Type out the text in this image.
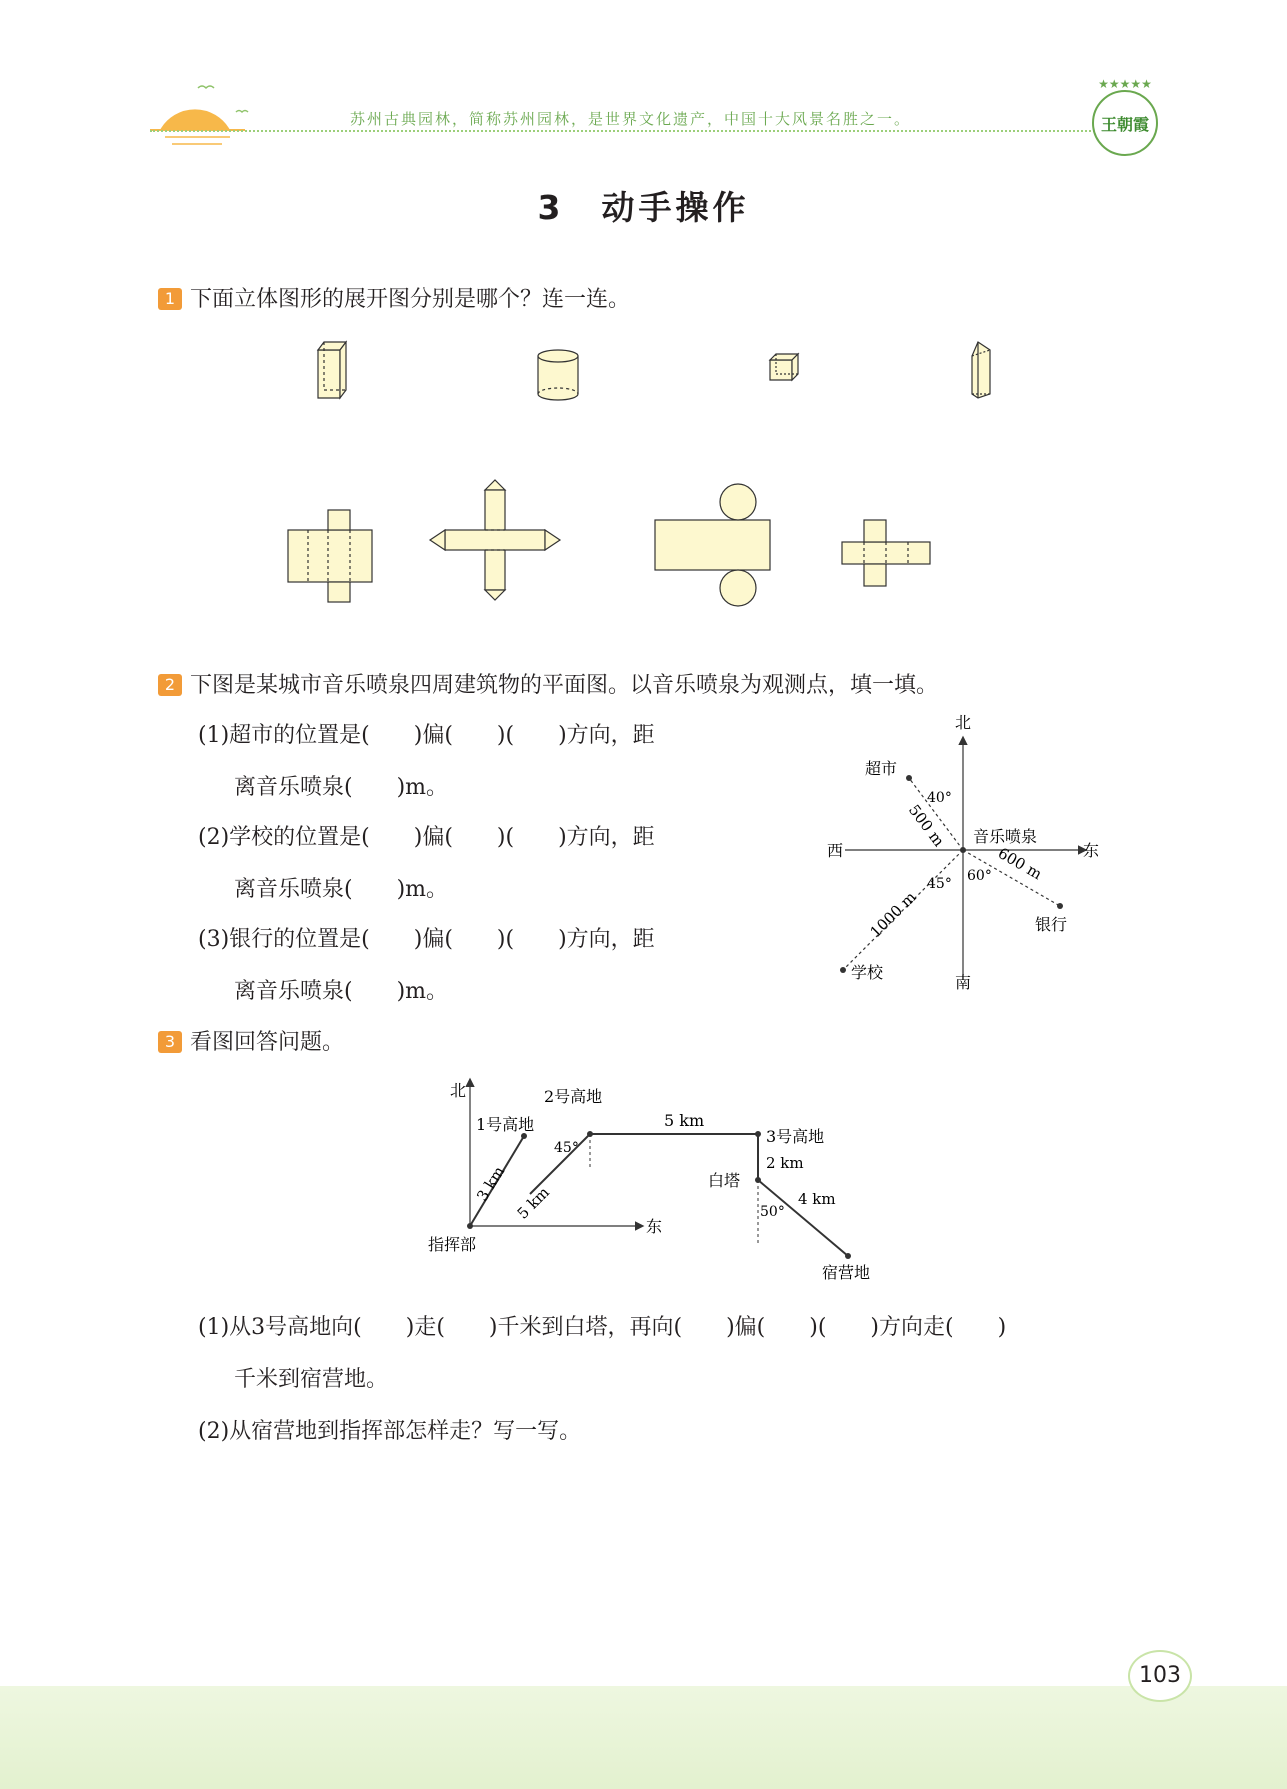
苏州古典园林，简称苏州园林，是世界文化遗产，中国十大风景名胜之一。
★★★★★
王朝霞
3　动手操作
1 下面立体图形的展开图分别是哪个？连一连。
2 下图是某城市音乐喷泉四周建筑物的平面图。以音乐喷泉为观测点，填一填。
(1)超市的位置是(　　)偏(　　)(　　)方向，距
离音乐喷泉(　　)m。
(2)学校的位置是(　　)偏(　　)(　　)方向，距
离音乐喷泉(　　)m。
(3)银行的位置是(　　)偏(　　)(　　)方向，距
离音乐喷泉(　　)m。
北
南
西	东
音乐喷泉
超市
40°
500 m
学校
45°
1000 m	银行
60° 600 m
3 看图回答问题。
北
东
指挥部
1号高地
3 km
2号高地
45°
5 km
5 km
3号高地
2 km
白塔
50°
4 km
宿营地
(1)从3号高地向(　　)走(　　)千米到白塔，再向(　　)偏(　　)(　　)方向走(　　)
千米到宿营地。
(2)从宿营地到指挥部怎样走？写一写。
103
